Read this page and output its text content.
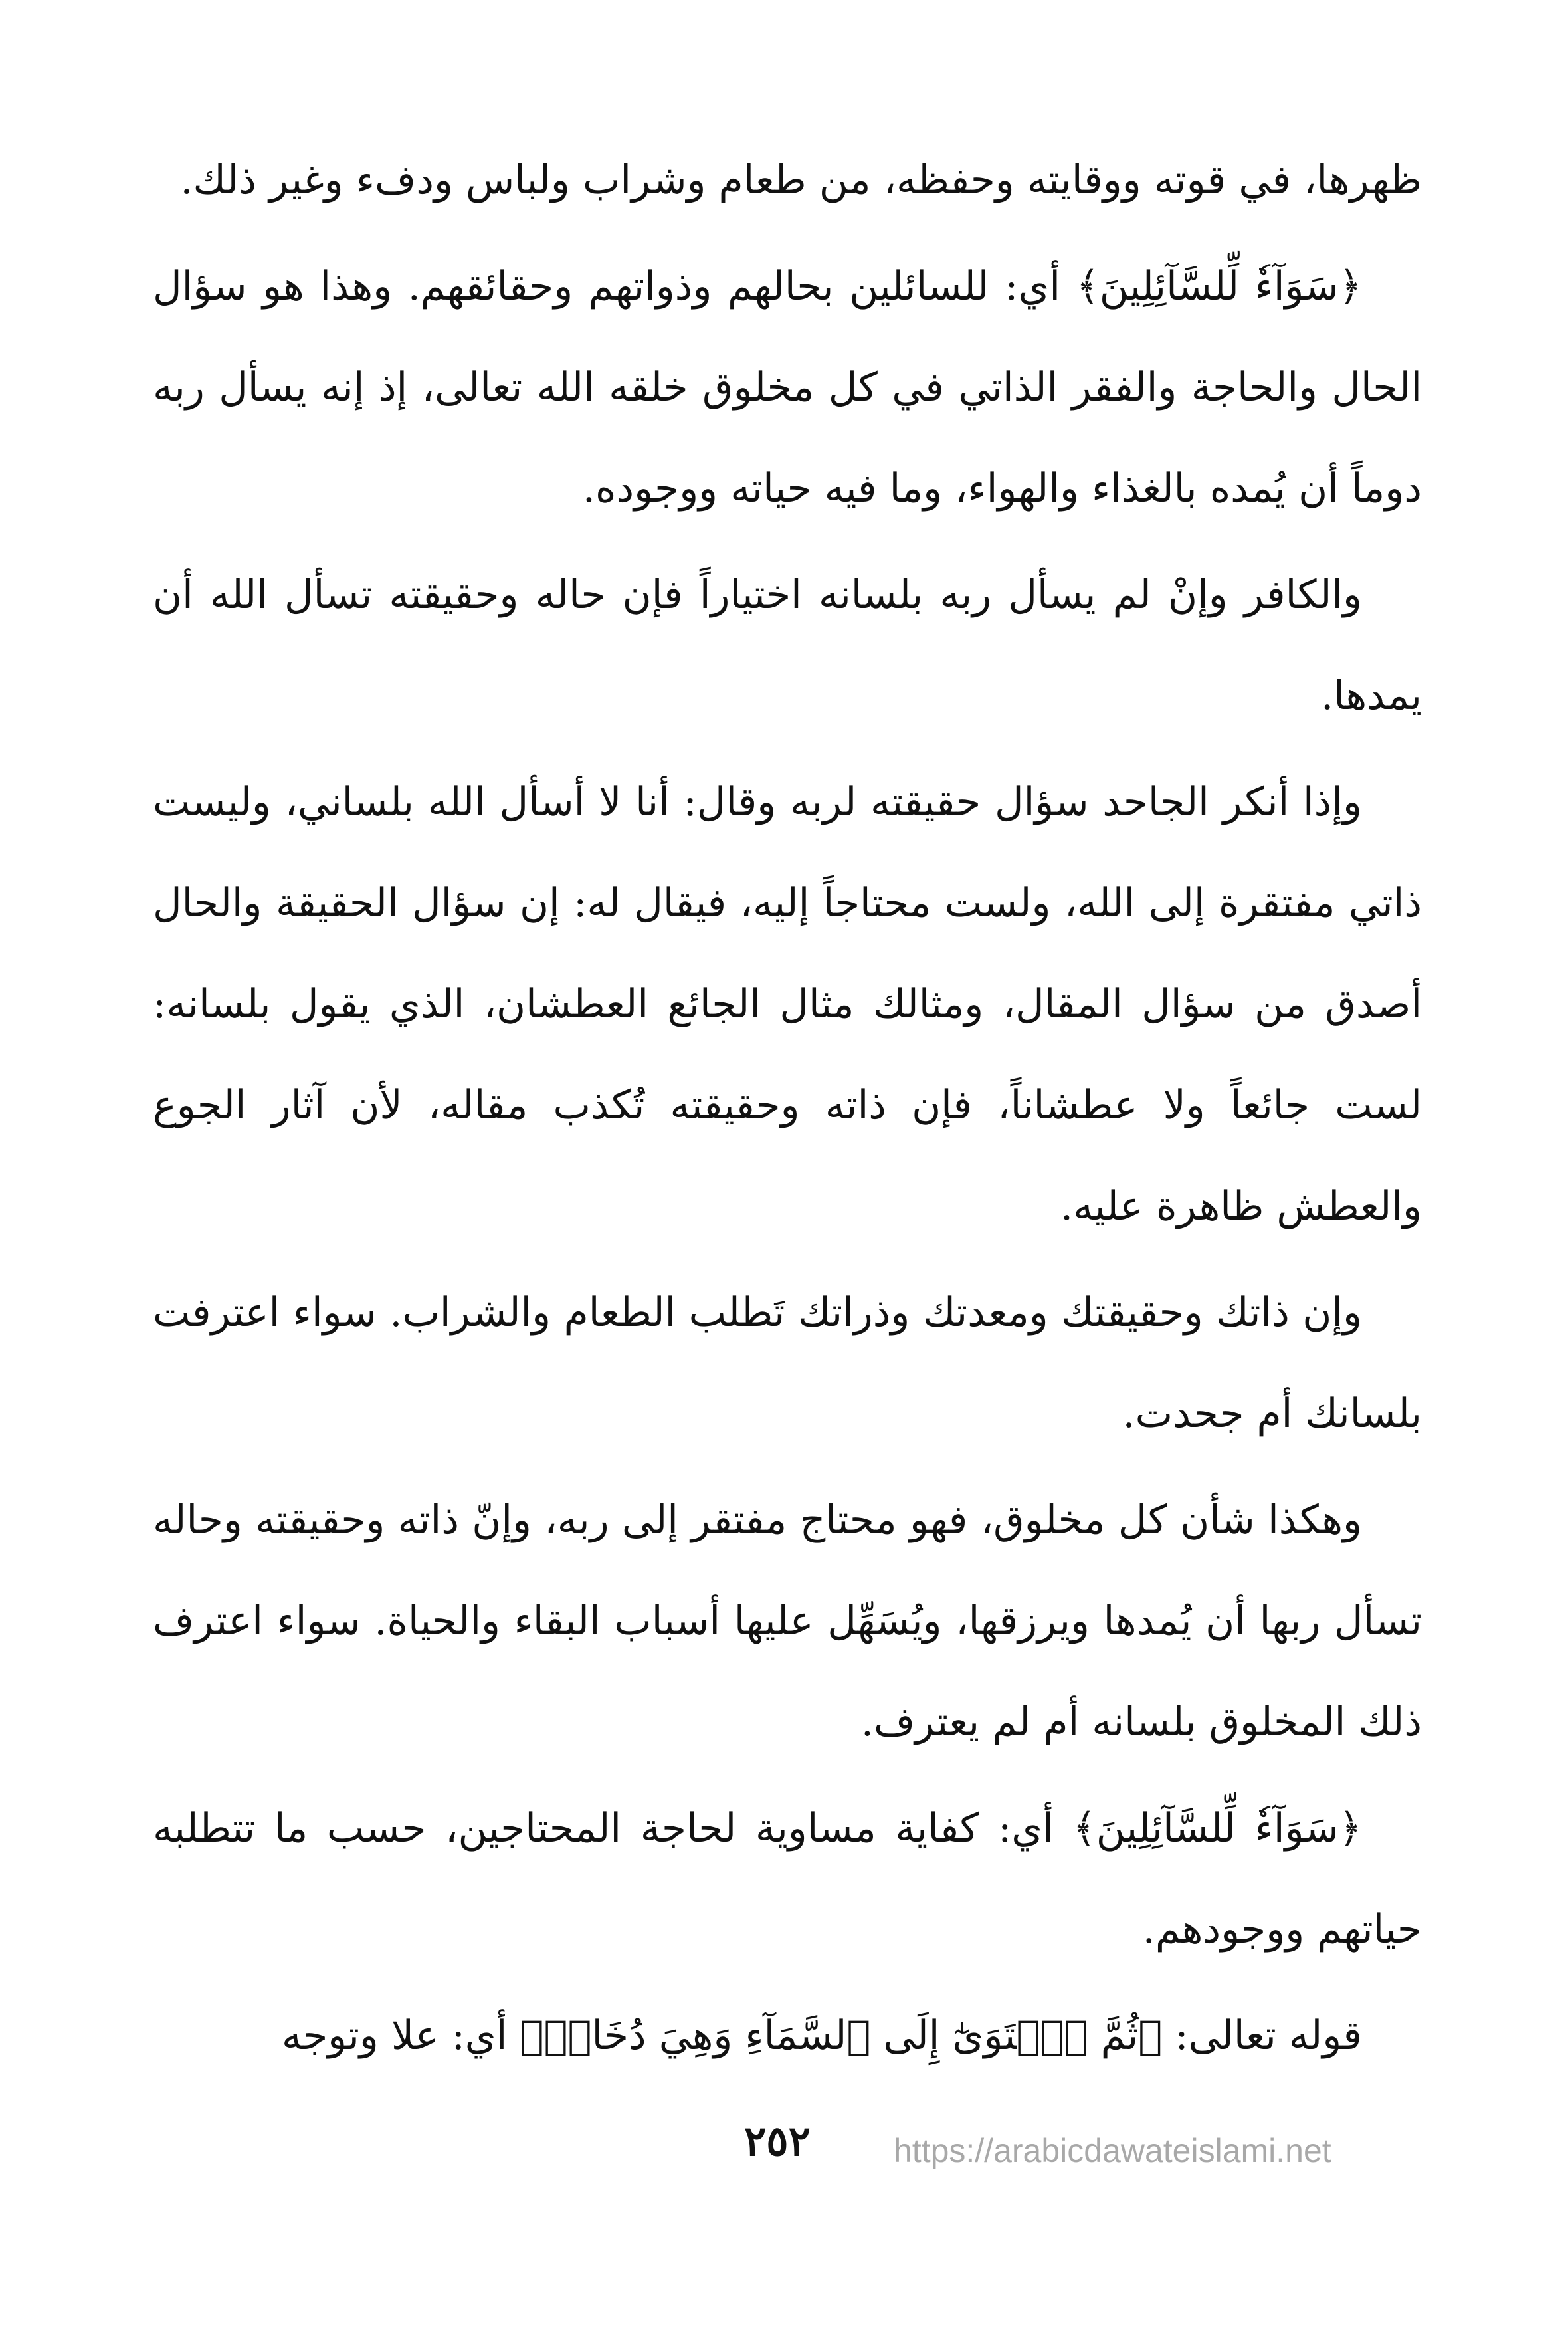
ظهرها، في قوته ووقايته وحفظه، من طعام وشراب ولباس ودفء وغير ذلك.

﴿سَوَآءٗ لِّلسَّآئِلِينَ﴾ أي: للسائلين بحالهم وذواتهم وحقائقهم. وهذا هو سؤال الحال والحاجة والفقر الذاتي في كل مخلوق خلقه الله تعالى، إذ إنه يسأل ربه دوماً أن يُمده بالغذاء والهواء، وما فيه حياته ووجوده.

والكافر وإنْ لم يسأل ربه بلسانه اختياراً فإن حاله وحقيقته تسأل الله أن يمدها.

وإذا أنكر الجاحد سؤال حقيقته لربه وقال: أنا لا أسأل الله بلساني، وليست ذاتي مفتقرة إلى الله، ولست محتاجاً إليه، فيقال له: إن سؤال الحقيقة والحال أصدق من سؤال المقال، ومثالك مثال الجائع العطشان، الذي يقول بلسانه: لست جائعاً ولا عطشاناً، فإن ذاته وحقيقته تُكذب مقاله، لأن آثار الجوع والعطش ظاهرة عليه.

وإن ذاتك وحقيقتك ومعدتك وذراتك تَطلب الطعام والشراب. سواء اعترفت بلسانك أم جحدت.

وهكذا شأن كل مخلوق، فهو محتاج مفتقر إلى ربه، وإنّ ذاته وحقيقته وحاله تسأل ربها أن يُمدها ويرزقها، ويُسَهِّل عليها أسباب البقاء والحياة. سواء اعترف ذلك المخلوق بلسانه أم لم يعترف.

﴿سَوَآءٗ لِّلسَّآئِلِينَ﴾ أي: كفاية مساوية لحاجة المحتاجين، حسب ما تتطلبه حياتهم ووجودهم.

قوله تعالى: ﴿ثُمَّ ٱسۡتَوَىٰٓ إِلَى ٱلسَّمَآءِ وَهِيَ دُخَانٞ﴾ أي: علا وتوجه

٢٥٢	https://arabicdawateislami.net
